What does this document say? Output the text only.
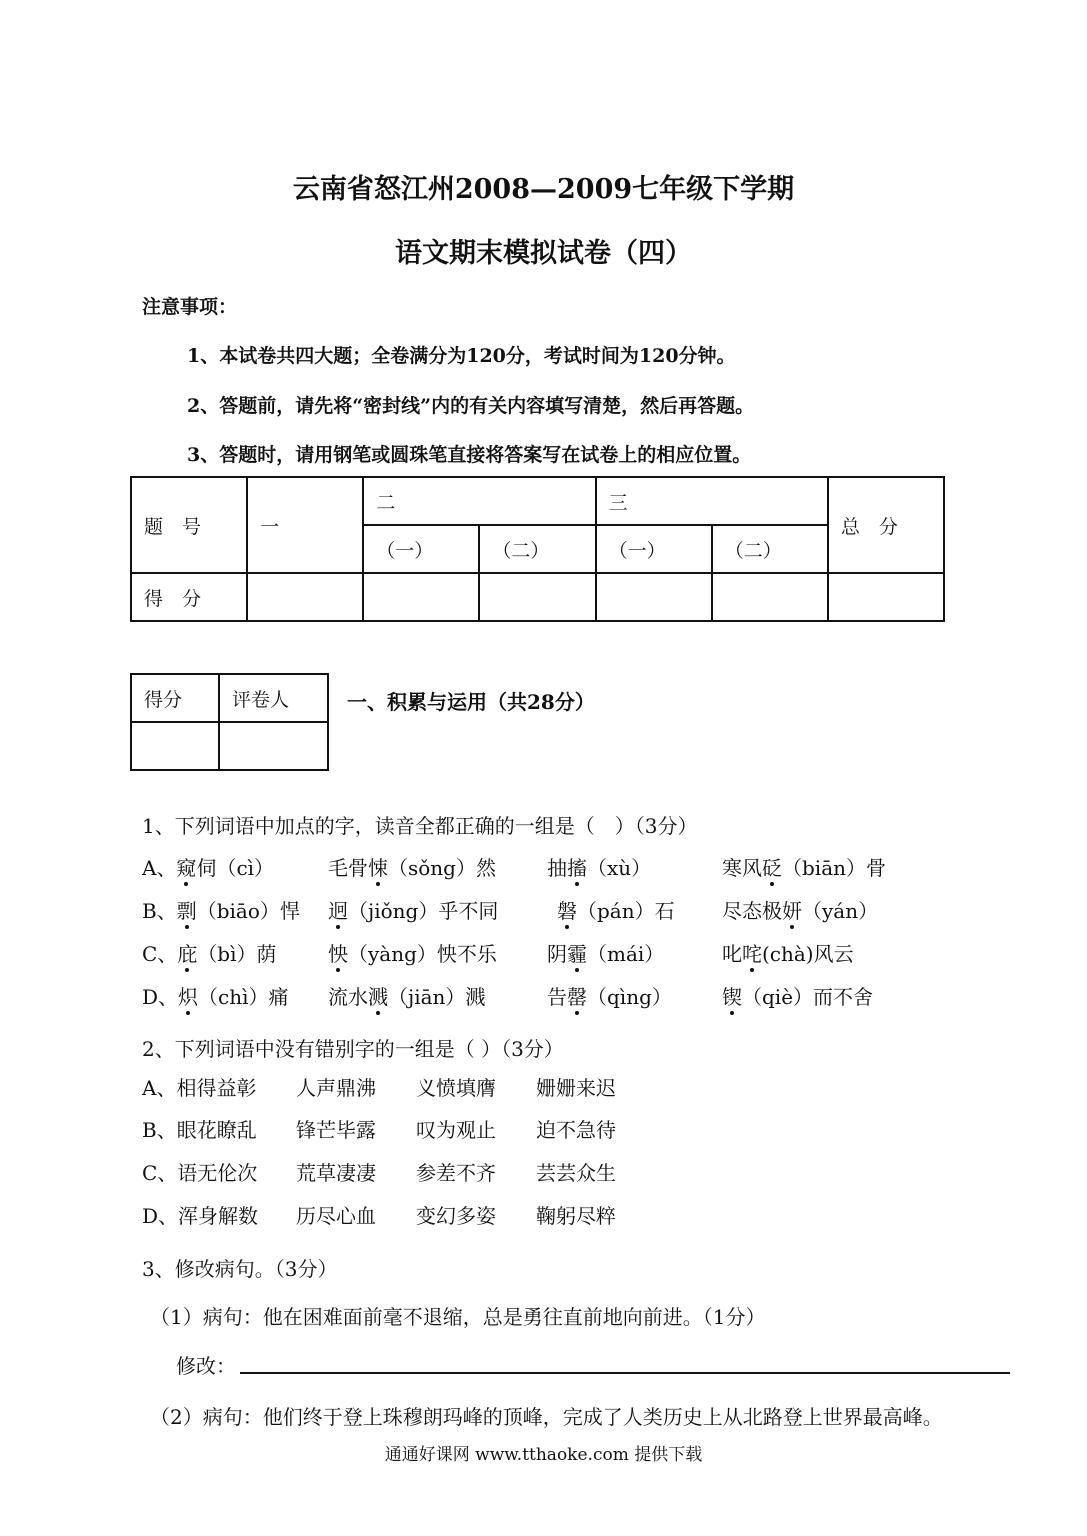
云南省怒江州2008—2009七年级下学期
语文期末模拟试卷（四）
注意事项：
1、本试卷共四大题；全卷满分为120分，考试时间为120分钟。
2、答题前，请先将“密封线”内的有关内容填写清楚，然后再答题。
3、答题时，请用钢笔或圆珠笔直接将答案写在试卷上的相应位置。
题　号	一	二		三		总　分
		（一）	（二）	（一）	（二）	
得　分						
得分	评卷人
		一、积累与运用（共28分）
1、下列词语中加点的字，读音全都正确的一组是（　）（3分）
A、窥伺（cì）	毛骨悚（sǒng）然	抽搐（xù）	寒风砭（biān）骨
B、剽（biāo）悍 迥（jiǒng）乎不同	磐（pán）石 尽态极妍（yán）
C、庇（bì）荫	怏（yàng）怏不乐	阴霾（mái）	叱咤(chà)风云
D、炽（chì）痛 流水溅（jiān）溅	告罄（qìng）	锲（qiè）而不舍
2、下列词语中没有错别字的一组是（ ）（3分）
A、相得益彰 人声鼎沸 义愤填膺 姗姗来迟
B、眼花瞭乱 锋芒毕露 叹为观止 迫不急待
C、语无伦次 荒草凄凄 参差不齐 芸芸众生
D、浑身解数 历尽心血 变幻多姿 鞠躬尽粹
3、修改病句。（3分）
（1）病句：他在困难面前毫不退缩，总是勇往直前地向前进。（1分）
修改：
（2）病句：他们终于登上珠穆朗玛峰的顶峰，完成了人类历史上从北路登上世界最高峰。
通通好课网 www.tthaoke.com 提供下载
